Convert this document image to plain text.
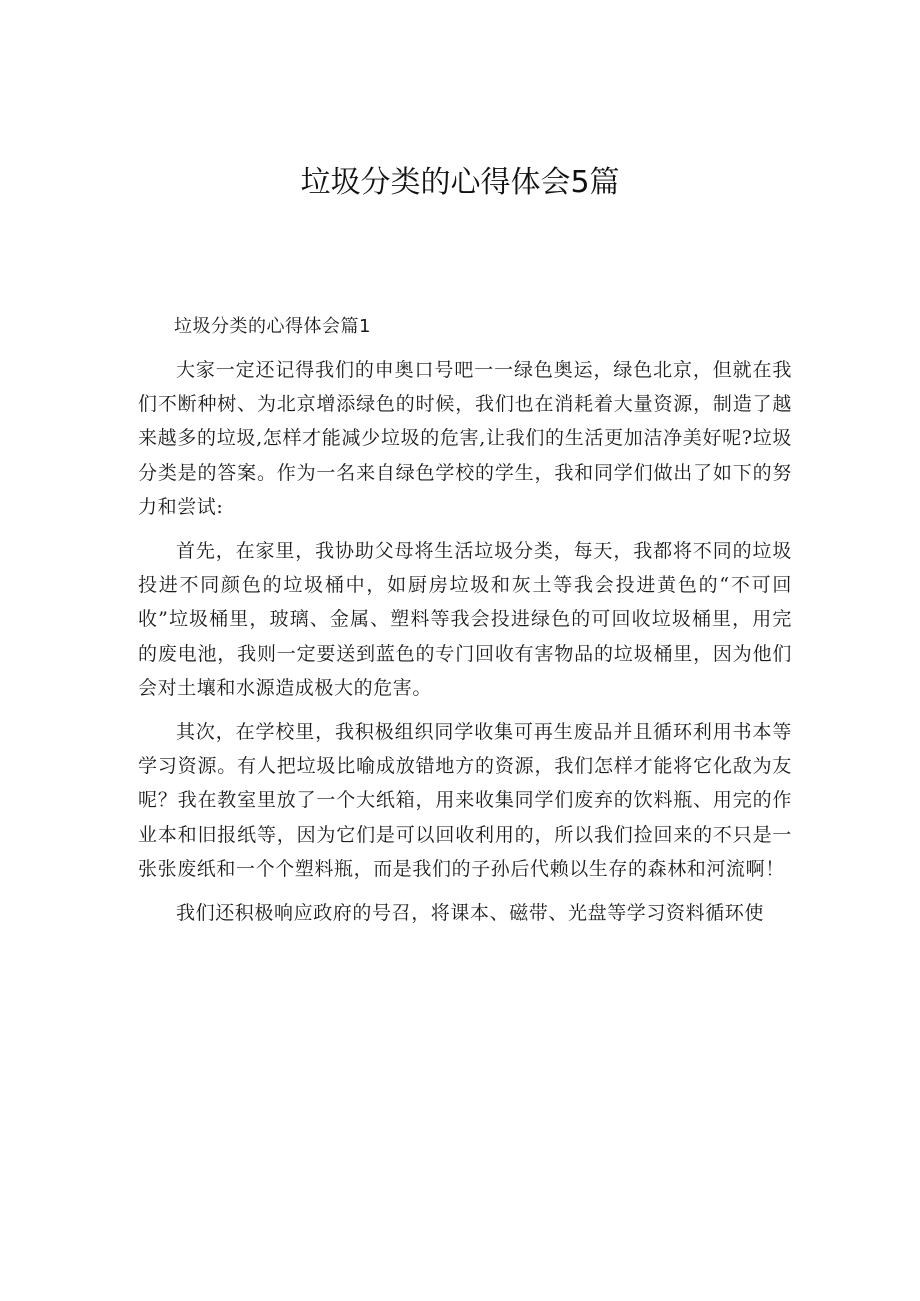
垃圾分类的心得体会5篇
垃圾分类的心得体会篇1

大家一定还记得我们的申奥口号吧一一绿色奥运，绿色北京，但就在我们不断种树、为北京增添绿色的时候，我们也在消耗着大量资源，制造了越来越多的垃圾,怎样才能减少垃圾的危害,让我们的生活更加洁净美好呢?垃圾分类是的答案。作为一名来自绿色学校的学生，我和同学们做出了如下的努力和尝试:

首先，在家里，我协助父母将生活垃圾分类，每天，我都将不同的垃圾投进不同颜色的垃圾桶中，如厨房垃圾和灰土等我会投进黄色的“不可回收”垃圾桶里，玻璃、金属、塑料等我会投进绿色的可回收垃圾桶里，用完的废电池，我则一定要送到蓝色的专门回收有害物品的垃圾桶里，因为他们会对土壤和水源造成极大的危害。

其次，在学校里，我积极组织同学收集可再生废品并且循环利用书本等学习资源。有人把垃圾比喻成放错地方的资源，我们怎样才能将它化敌为友呢？我在教室里放了一个大纸箱，用来收集同学们废弃的饮料瓶、用完的作业本和旧报纸等，因为它们是可以回收利用的，所以我们捡回来的不只是一张张废纸和一个个塑料瓶，而是我们的子孙后代赖以生存的森林和河流啊！

我们还积极响应政府的号召，将课本、磁带、光盘等学习资料循环使
